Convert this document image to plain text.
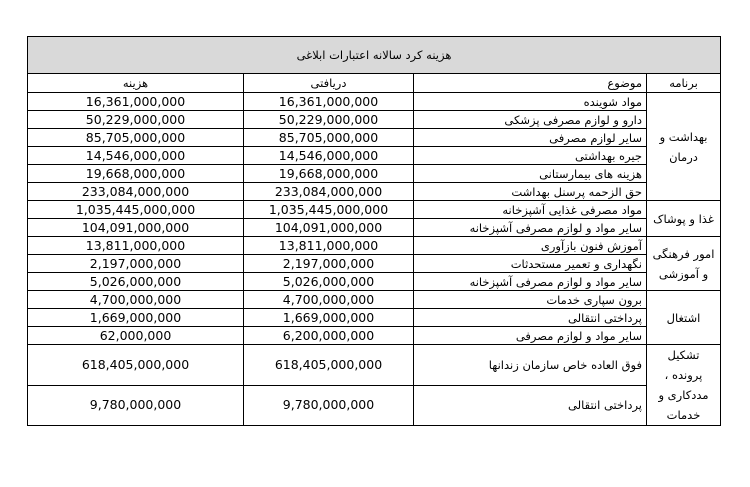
هزینه کرد سالانه اعتبارات ابلاغی			
برنامه	موضوع	دریافتی	هزینه
بهداشت و درمان	مواد شوینده	16,361,000,000	16,361,000,000
	دارو و لوازم مصرفی پزشکی	50,229,000,000	50,229,000,000
	سایر لوازم مصرفی	85,705,000,000	85,705,000,000
	جیره بهداشتی	14,546,000,000	14,546,000,000
	هزینه های بیمارستانی	19,668,000,000	19,668,000,000
	حق الزحمه پرسنل بهداشت	233,084,000,000	233,084,000,000
غذا و پوشاک	مواد مصرفی غذایی آشپزخانه	1,035,445,000,000	1,035,445,000,000
	سایر مواد و لوازم مصرفی آشپزخانه	104,091,000,000	104,091,000,000
امور فرهنگی و آموزشی	آموزش فنون بازآوری	13,811,000,000	13,811,000,000
	نگهداری و تعمیر مستحدثات	2,197,000,000	2,197,000,000
	سایر مواد و لوازم مصرفی آشپزخانه	5,026,000,000	5,026,000,000
اشتغال	برون سپاری خدمات	4,700,000,000	4,700,000,000
	پرداختی انتقالی	1,669,000,000	1,669,000,000
	سایر مواد و لوازم مصرفی	6,200,000,000	62,000,000
تشکیل پرونده ، مددکاری و خدمات	فوق العاده خاص سازمان زندانها	618,405,000,000	618,405,000,000
	پرداختی انتقالی	9,780,000,000	9,780,000,000
